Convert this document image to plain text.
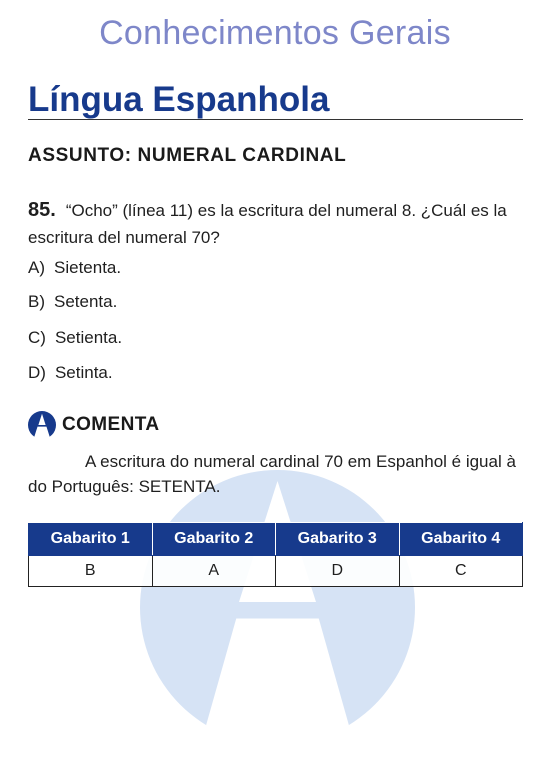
Conhecimentos Gerais
Língua Espanhola
ASSUNTO: NUMERAL CARDINAL
85. “Ocho” (línea 11) es la escritura del numeral 8. ¿Cuál es la escritura del numeral 70?
A) Sietenta.
B) Setenta.
C) Setienta.
D) Setinta.
COMENTA
A escritura do numeral cardinal 70 em Espanhol é igual à do Português: SETENTA.
Gabarito 1	Gabarito 2	Gabarito 3	Gabarito 4
B	A	D	C
